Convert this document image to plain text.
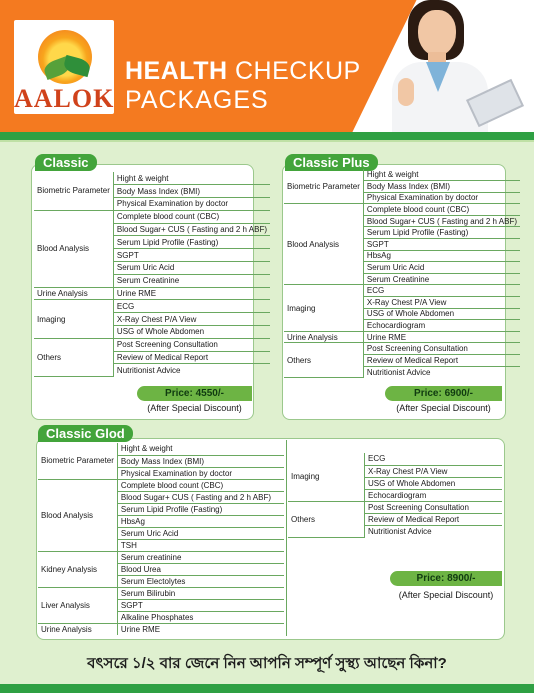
AALOK
HEALTH CHECKUP
PACKAGES
Classic
Biometric Parameter	Hight & weight
	Body Mass Index (BMI)
	Physical Examination by doctor
Blood Analysis	Complete blood count (CBC)
	Blood Sugar+ CUS ( Fasting and 2 h ABF)
	Serum Lipid Profile (Fasting)
	SGPT
	Serum Uric Acid
	Serum Creatinine
Urine Analysis	Urine RME
Imaging	ECG
	X-Ray Chest P/A View
	USG of Whole Abdomen
Others	Post Screening Consultation
	Review of Medical Report
	Nutritionist Advice
Price: 4550/-
(After Special Discount)
Classic Plus
Biometric Parameter	Hight & weight
	Body Mass Index (BMI)
	Physical Examination by doctor
Blood Analysis	Complete blood count (CBC)
	Blood Sugar+ CUS ( Fasting and 2 h ABF)
	Serum Lipid Profile (Fasting)
	SGPT
	HbsAg
	Serum Uric Acid
	Serum Creatinine
Imaging	ECG
	X-Ray Chest P/A View
	USG of Whole Abdomen
	Echocardiogram
Urine Analysis	Urine RME
Others	Post Screening Consultation
	Review of Medical Report
	Nutritionist Advice
Price: 6900/-
(After Special Discount)
Classic Glod
Biometric Parameter	Hight & weight
	Body Mass Index (BMI)
	Physical Examination by doctor
Blood Analysis	Complete blood count (CBC)
	Blood Sugar+ CUS ( Fasting and 2 h ABF)
	Serum Lipid Profile (Fasting)
	HbsAg
	Serum Uric Acid
	TSH
Kidney Analysis	Serum creatinine
	Blood Urea
	Serum Electolytes
Liver Analysis	Serum Bilirubin
	SGPT
	Alkaline Phosphates
Urine Analysis	Urine RME
Imaging	ECG
	X-Ray Chest P/A View
	USG of Whole Abdomen
	Echocardiogram
Others	Post Screening Consultation
	Review of Medical Report
	Nutritionist Advice
Price: 8900/-
(After Special Discount)
বৎসরে ১/২ বার জেনে নিন আপনি সম্পূর্ণ সুস্থ্য আছেন কিনা?
